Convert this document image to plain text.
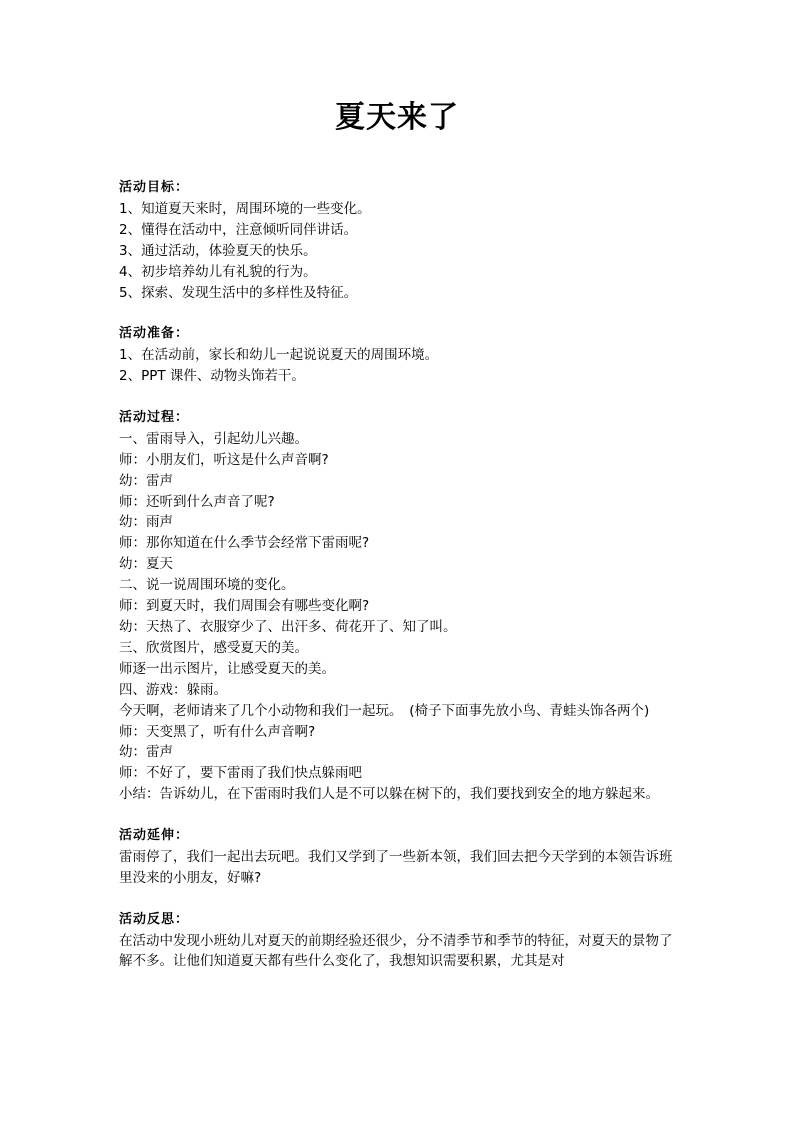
夏天来了
活动目标：
1、知道夏天来时，周围环境的一些变化。
2、懂得在活动中，注意倾听同伴讲话。
3、通过活动，体验夏天的快乐。
4、初步培养幼儿有礼貌的行为。
5、探索、发现生活中的多样性及特征。
活动准备：
1、在活动前，家长和幼儿一起说说夏天的周围环境。
2、PPT 课件、动物头饰若干。
活动过程：
一、雷雨导入，引起幼儿兴趣。
师：小朋友们，听这是什么声音啊?
幼：雷声
师：还听到什么声音了呢?
幼：雨声
师：那你知道在什么季节会经常下雷雨呢?
幼：夏天
二、说一说周围环境的变化。
师：到夏天时，我们周围会有哪些变化啊?
幼：天热了、衣服穿少了、出汗多、荷花开了、知了叫。
三、欣赏图片，感受夏天的美。
师逐一出示图片，让感受夏天的美。
四、游戏：躲雨。
今天啊，老师请来了几个小动物和我们一起玩。　(椅子下面事先放小鸟、青蛙头饰各两个)
师：天变黑了，听有什么声音啊?
幼：雷声
师：不好了，要下雷雨了我们快点躲雨吧
小结：告诉幼儿，在下雷雨时我们人是不可以躲在树下的，我们要找到安全的地方躲起来。
活动延伸：
雷雨停了，我们一起出去玩吧。我们又学到了一些新本领，我们回去把今天学到的本领告诉班里没来的小朋友，好嘛?
活动反思：
在活动中发现小班幼儿对夏天的前期经验还很少，分不清季节和季节的特征，对夏天的景物了解不多。让他们知道夏天都有些什么变化了，我想知识需要积累，尤其是对
